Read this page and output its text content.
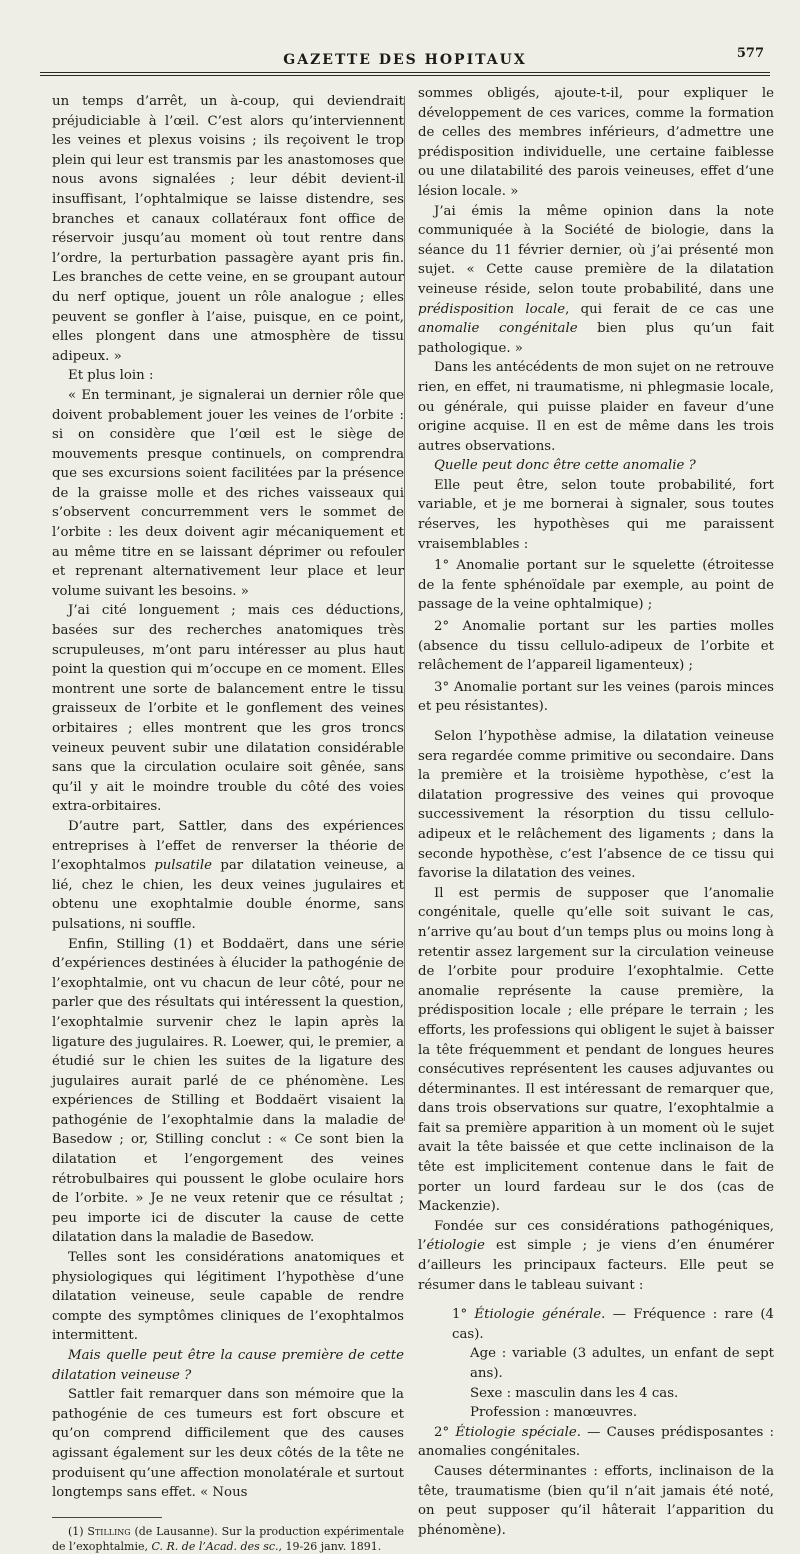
GAZETTE DES HOPITAUX	577

un temps d’arrêt, un à-coup, qui deviendrait préjudiciable à l’œil. C’est alors qu’interviennent les veines et plexus voisins ; ils reçoivent le trop plein qui leur est transmis par les anastomoses que nous avons signalées ; leur débit devient-il insuffisant, l’ophtalmique se laisse distendre, ses branches et canaux collatéraux font office de réservoir jusqu’au moment où tout rentre dans l’ordre, la perturbation passagère ayant pris fin. Les branches de cette veine, en se groupant autour du nerf optique, jouent un rôle analogue ; elles peuvent se gonfler à l’aise, puisque, en ce point, elles plongent dans une atmosphère de tissu adipeux. »

Et plus loin :

« En terminant, je signalerai un dernier rôle que doivent probablement jouer les veines de l’orbite : si on considère que l’œil est le siège de mouvements presque continuels, on comprendra que ses excursions soient facilitées par la présence de la graisse molle et des riches vaisseaux qui s’observent concurremment vers le sommet de l’orbite : les deux doivent agir mécaniquement et au même titre en se laissant déprimer ou refouler et reprenant alternativement leur place et leur volume suivant les besoins. »

J’ai cité longuement ; mais ces déductions, basées sur des recherches anatomiques très scrupuleuses, m’ont paru intéresser au plus haut point la question qui m’occupe en ce moment. Elles montrent une sorte de balancement entre le tissu graisseux de l’orbite et le gonflement des veines orbitaires ; elles montrent que les gros troncs veineux peuvent subir une dilatation considérable sans que la circulation oculaire soit gênée, sans qu’il y ait le moindre trouble du côté des voies extra-orbitaires.

D’autre part, Sattler, dans des expériences entreprises à l’effet de renverser la théorie de l’exophtalmos pulsatile par dilatation veineuse, a lié, chez le chien, les deux veines jugulaires et obtenu une exophtalmie double énorme, sans pulsations, ni souffle.

Enfin, Stilling (1) et Boddaërt, dans une série d’expériences destinées à élucider la pathogénie de l’exophtalmie, ont vu chacun de leur côté, pour ne parler que des résultats qui intéressent la question, l’exophtalmie survenir chez le lapin après la ligature des jugulaires. R. Loewer, qui, le premier, a étudié sur le chien les suites de la ligature des jugulaires aurait parlé de ce phénomène. Les expériences de Stilling et Boddaërt visaient la pathogénie de l’exophtalmie dans la maladie de Basedow ; or, Stilling conclut : « Ce sont bien la dilatation et l’engorgement des veines rétrobulbaires qui poussent le globe oculaire hors de l’orbite. » Je ne veux retenir que ce résultat ; peu importe ici de discuter la cause de cette dilatation dans la maladie de Basedow.

Telles sont les considérations anatomiques et physiologiques qui légitiment l’hypothèse d’une dilatation veineuse, seule capable de rendre compte des symptômes cliniques de l’exophtalmos intermittent.

Mais quelle peut être la cause première de cette dilatation veineuse ?

Sattler fait remarquer dans son mémoire que la pathogénie de ces tumeurs est fort obscure et qu’on comprend difficilement que des causes agissant également sur les deux côtés de la tête ne produisent qu’une affection monolatérale et surtout longtemps sans effet. « Nous

(1) Stilling (de Lausanne). Sur la production expérimentale de l’exophtalmie, C. R. de l’Acad. des sc., 19-26 janv. 1891.

sommes obligés, ajoute-t-il, pour expliquer le développement de ces varices, comme la formation de celles des membres inférieurs, d’admettre une prédisposition individuelle, une certaine faiblesse ou une dilatabilité des parois veineuses, effet d’une lésion locale. »

J’ai émis la même opinion dans la note communiquée à la Société de biologie, dans la séance du 11 février dernier, où j’ai présenté mon sujet. « Cette cause première de la dilatation veineuse réside, selon toute probabilité, dans une prédisposition locale, qui ferait de ce cas une anomalie congénitale bien plus qu’un fait pathologique. »

Dans les antécédents de mon sujet on ne retrouve rien, en effet, ni traumatisme, ni phlegmasie locale, ou générale, qui puisse plaider en faveur d’une origine acquise. Il en est de même dans les trois autres observations.

Quelle peut donc être cette anomalie ?

Elle peut être, selon toute probabilité, fort variable, et je me bornerai à signaler, sous toutes réserves, les hypothèses qui me paraissent vraisemblables :

1° Anomalie portant sur le squelette (étroitesse de la fente sphénoïdale par exemple, au point de passage de la veine ophtalmique) ;

2° Anomalie portant sur les parties molles (absence du tissu cellulo-adipeux de l’orbite et relâchement de l’appareil ligamenteux) ;

3° Anomalie portant sur les veines (parois minces et peu résistantes).

Selon l’hypothèse admise, la dilatation veineuse sera regardée comme primitive ou secondaire. Dans la première et la troisième hypothèse, c’est la dilatation progressive des veines qui provoque successivement la résorption du tissu cellulo-adipeux et le relâchement des ligaments ; dans la seconde hypothèse, c’est l’absence de ce tissu qui favorise la dilatation des veines.

Il est permis de supposer que l’anomalie congénitale, quelle qu’elle soit suivant le cas, n’arrive qu’au bout d’un temps plus ou moins long à retentir assez largement sur la circulation veineuse de l’orbite pour produire l’exophtalmie. Cette anomalie représente la cause première, la prédisposition locale ; elle prépare le terrain ; les efforts, les professions qui obligent le sujet à baisser la tête fréquemment et pendant de longues heures consécutives représentent les causes adjuvantes ou déterminantes. Il est intéressant de remarquer que, dans trois observations sur quatre, l’exophtalmie a fait sa première apparition à un moment où le sujet avait la tête baissée et que cette inclinaison de la tête est implicitement contenue dans le fait de porter un lourd fardeau sur le dos (cas de Mackenzie).

Fondée sur ces considérations pathogéniques, l’étiologie est simple ; je viens d’en énumérer d’ailleurs les principaux facteurs. Elle peut se résumer dans le tableau suivant :

1° Étiologie générale. — Fréquence : rare (4 cas).

Age : variable (3 adultes, un enfant de sept ans).

Sexe : masculin dans les 4 cas.

Profession : manœuvres.

2° Étiologie spéciale. — Causes prédisposantes : anomalies congénitales.

Causes déterminantes : efforts, inclinaison de la tête, traumatisme (bien qu’il n’ait jamais été noté, on peut supposer qu’il hâterait l’apparition du phénomène).
